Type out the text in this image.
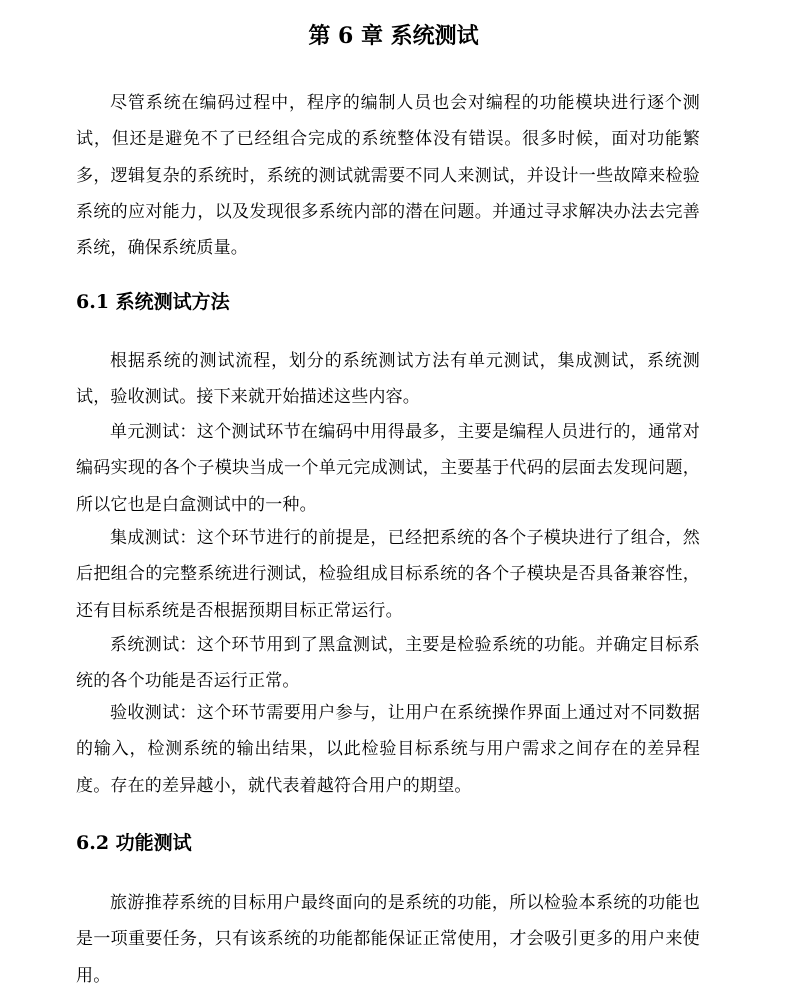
第 6 章 系统测试

尽管系统在编码过程中，程序的编制人员也会对编程的功能模块进行逐个测试，但还是避免不了已经组合完成的系统整体没有错误。很多时候，面对功能繁多，逻辑复杂的系统时，系统的测试就需要不同人来测试，并设计一些故障来检验系统的应对能力，以及发现很多系统内部的潜在问题。并通过寻求解决办法去完善系统，确保系统质量。

6.1 系统测试方法

根据系统的测试流程，划分的系统测试方法有单元测试，集成测试，系统测试，验收测试。接下来就开始描述这些内容。

单元测试：这个测试环节在编码中用得最多，主要是编程人员进行的，通常对编码实现的各个子模块当成一个单元完成测试，主要基于代码的层面去发现问题，所以它也是白盒测试中的一种。

集成测试：这个环节进行的前提是，已经把系统的各个子模块进行了组合，然后把组合的完整系统进行测试，检验组成目标系统的各个子模块是否具备兼容性，还有目标系统是否根据预期目标正常运行。

系统测试：这个环节用到了黑盒测试，主要是检验系统的功能。并确定目标系统的各个功能是否运行正常。

验收测试：这个环节需要用户参与，让用户在系统操作界面上通过对不同数据的输入，检测系统的输出结果，以此检验目标系统与用户需求之间存在的差异程度。存在的差异越小，就代表着越符合用户的期望。

6.2 功能测试

旅游推荐系统的目标用户最终面向的是系统的功能，所以检验本系统的功能也是一项重要任务，只有该系统的功能都能保证正常使用，才会吸引更多的用户来使用。
